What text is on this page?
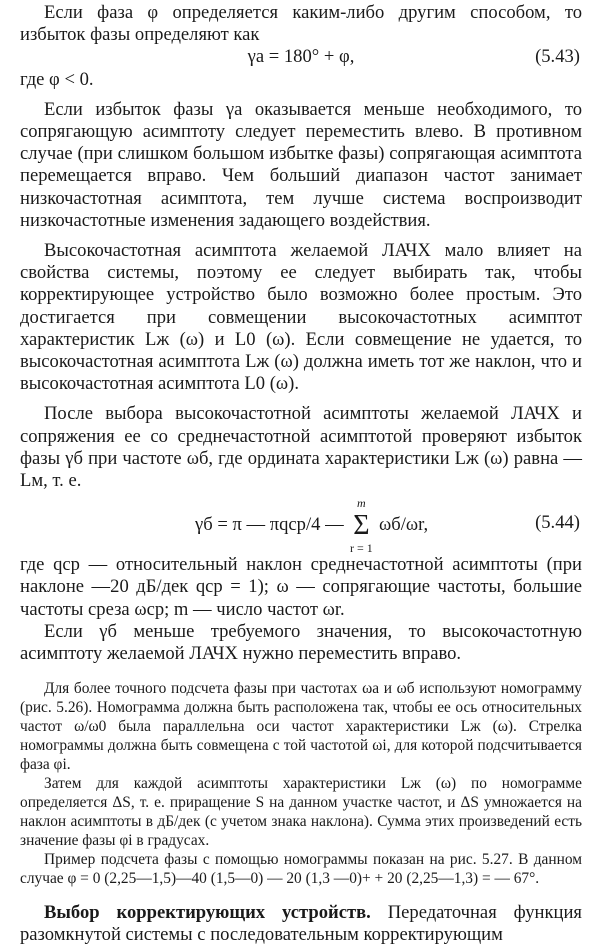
Если фаза φ определяется каким-либо другим способом, то избыток фазы определяют как

γа = 180° + φ,	(5.43)

где φ < 0.

Если избыток фазы γа оказывается меньше необходимого, то сопрягающую асимптоту следует переместить влево. В противном случае (при слишком большом избытке фазы) сопрягающая асимптота перемещается вправо. Чем больший диапазон частот занимает низкочастотная асимптота, тем лучше система воспроизводит низкочастотные изменения задающего воздействия.

Высокочастотная асимптота желаемой ЛАЧХ мало влияет на свойства системы, поэтому ее следует выбирать так, чтобы корректирующее устройство было возможно более простым. Это достигается при совмещении высокочастотных асимптот характеристик Lж (ω) и L0 (ω). Если совмещение не удается, то высокочастотная асимптота Lж (ω) должна иметь тот же наклон, что и высокочастотная асимптота L0 (ω).

После выбора высокочастотной асимптоты желаемой ЛАЧХ и сопряжения ее со среднечастотной асимптотой проверяют избыток фазы γб при частоте ωб, где ордината характеристики Lж (ω) равна —Lм, т. е.

γб = π — πqср/4 —
m
Σ
r = 1
ωб/ωr,	(5.44)

где qср — относительный наклон среднечастотной асимптоты (при наклоне —20 дБ/дек qср = 1); ω — сопрягающие частоты, большие частоты среза ωср; m — число частот ωr.

Если γб меньше требуемого значения, то высокочастотную асимптоту желаемой ЛАЧХ нужно переместить вправо.

Для более точного подсчета фазы при частотах ωа и ωб используют номограмму (рис. 5.26). Номограмма должна быть расположена так, чтобы ее ось относительных частот ω/ω0 была параллельна оси частот характеристики Lж (ω). Стрелка номограммы должна быть совмещена с той частотой ωi, для которой подсчитывается фаза φi.

Затем для каждой асимптоты характеристики Lж (ω) по номограмме определяется ΔS, т. е. приращение S на данном участке частот, и ΔS умножается на наклон асимптоты в дБ/дек (с учетом знака наклона). Сумма этих произведений есть значение фазы φi в градусах.

Пример подсчета фазы с помощью номограммы показан на рис. 5.27. В данном случае φ = 0 (2,25—1,5)—40 (1,5—0) — 20 (1,3 —0)+ + 20 (2,25—1,3) = — 67°.

Выбор корректирующих устройств. Передаточная функция разомкнутой системы с последовательным корректирующим
